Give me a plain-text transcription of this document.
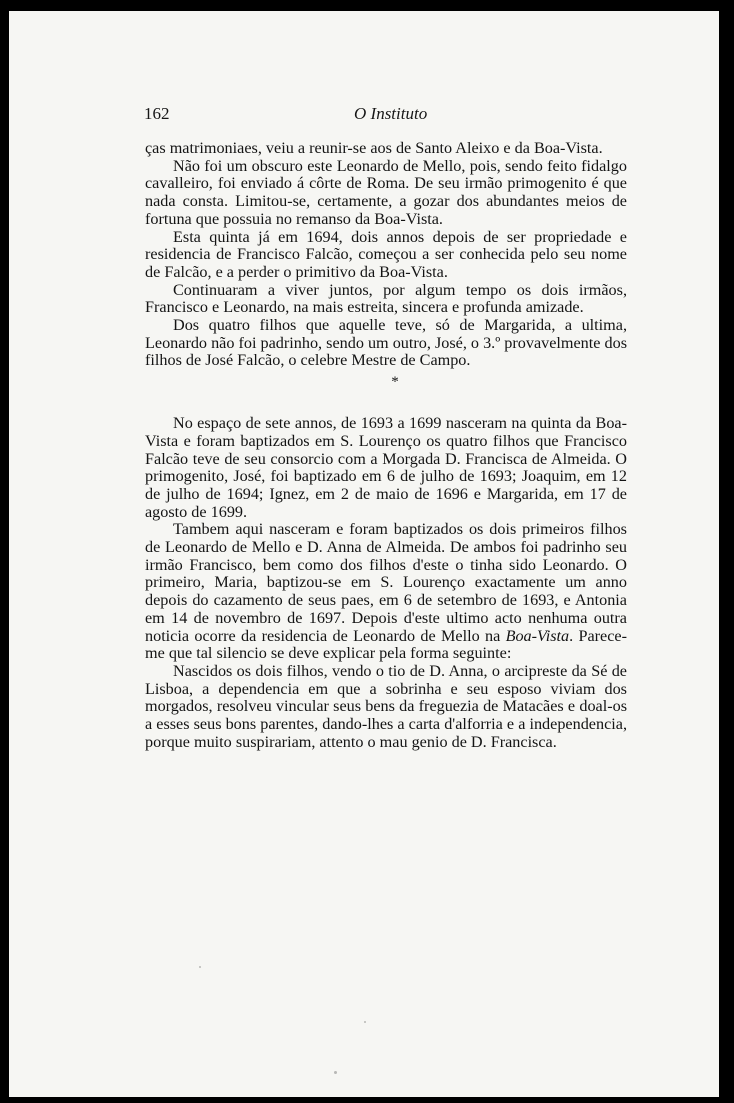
162	O Instituto

ças matrimoniaes, veiu a reunir-se aos de Santo Aleixo e da Boa-Vista.

Não foi um obscuro este Leonardo de Mello, pois, sendo feito fidalgo cavalleiro, foi enviado á côrte de Roma. De seu irmão primogenito é que nada consta. Limitou-se, certamente, a gozar dos abundantes meios de fortuna que possuia no remanso da Boa-Vista.

Esta quinta já em 1694, dois annos depois de ser propriedade e residencia de Francisco Falcão, começou a ser conhecida pelo seu nome de Falcão, e a perder o primitivo da Boa-Vista.

Continuaram a viver juntos, por algum tempo os dois irmãos, Francisco e Leonardo, na mais estreita, sincera e profunda amizade.

Dos quatro filhos que aquelle teve, só de Margarida, a ultima, Leonardo não foi padrinho, sendo um outro, José, o 3.º provavelmente dos filhos de José Falcão, o celebre Mestre de Campo.

*

No espaço de sete annos, de 1693 a 1699 nasceram na quinta da Boa-Vista e foram baptizados em S. Lourenço os quatro filhos que Francisco Falcão teve de seu consorcio com a Morgada D. Francisca de Almeida. O primogenito, José, foi baptizado em 6 de julho de 1693; Joaquim, em 12 de julho de 1694; Ignez, em 2 de maio de 1696 e Margarida, em 17 de agosto de 1699.

Tambem aqui nasceram e foram baptizados os dois primeiros filhos de Leonardo de Mello e D. Anna de Almeida. De ambos foi padrinho seu irmão Francisco, bem como dos filhos d'este o tinha sido Leonardo. O primeiro, Maria, baptizou-se em S. Lourenço exactamente um anno depois do cazamento de seus paes, em 6 de setembro de 1693, e Antonia em 14 de novembro de 1697. Depois d'este ultimo acto nenhuma outra noticia ocorre da residencia de Leonardo de Mello na Boa-Vista. Parece-me que tal silencio se deve explicar pela forma seguinte:

Nascidos os dois filhos, vendo o tio de D. Anna, o arcipreste da Sé de Lisboa, a dependencia em que a sobrinha e seu esposo viviam dos morgados, resolveu vincular seus bens da freguezia de Matacães e doal-os a esses seus bons parentes, dando-lhes a carta d'alforria e a independencia, porque muito suspirariam, attento o mau genio de D. Francisca.
